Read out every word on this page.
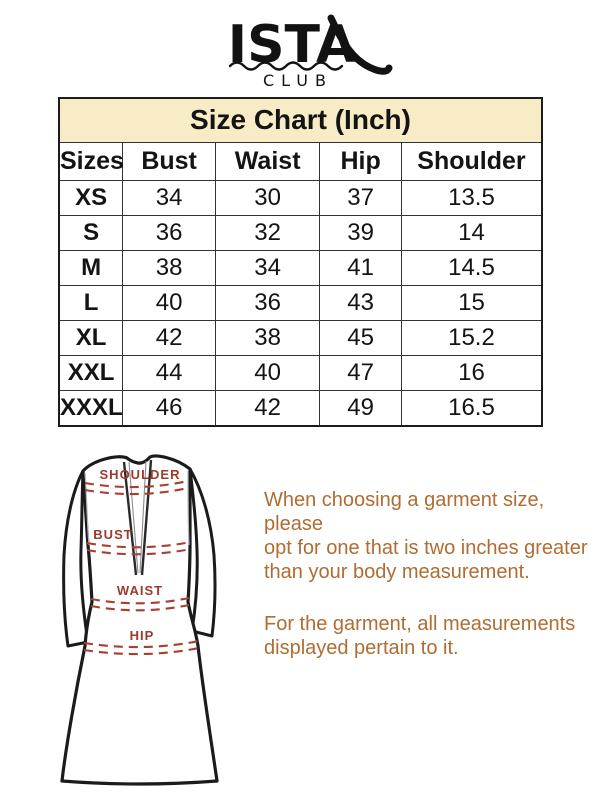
ISTA
CLUB
Size Chart (Inch)				
Sizes	Bust	Waist	Hip	Shoulder
XS	34	30	37	13.5
S	36	32	39	14
M	38	34	41	14.5
L	40	36	43	15
XL	42	38	45	15.2
XXL	44	40	47	16
XXXL	46	42	49	16.5
SHOULDER
BUST
WAIST
HIP
When choosing a garment size, please
opt for one that is two inches greater
than your body measurement.
For the garment, all measurements
displayed pertain to it.
